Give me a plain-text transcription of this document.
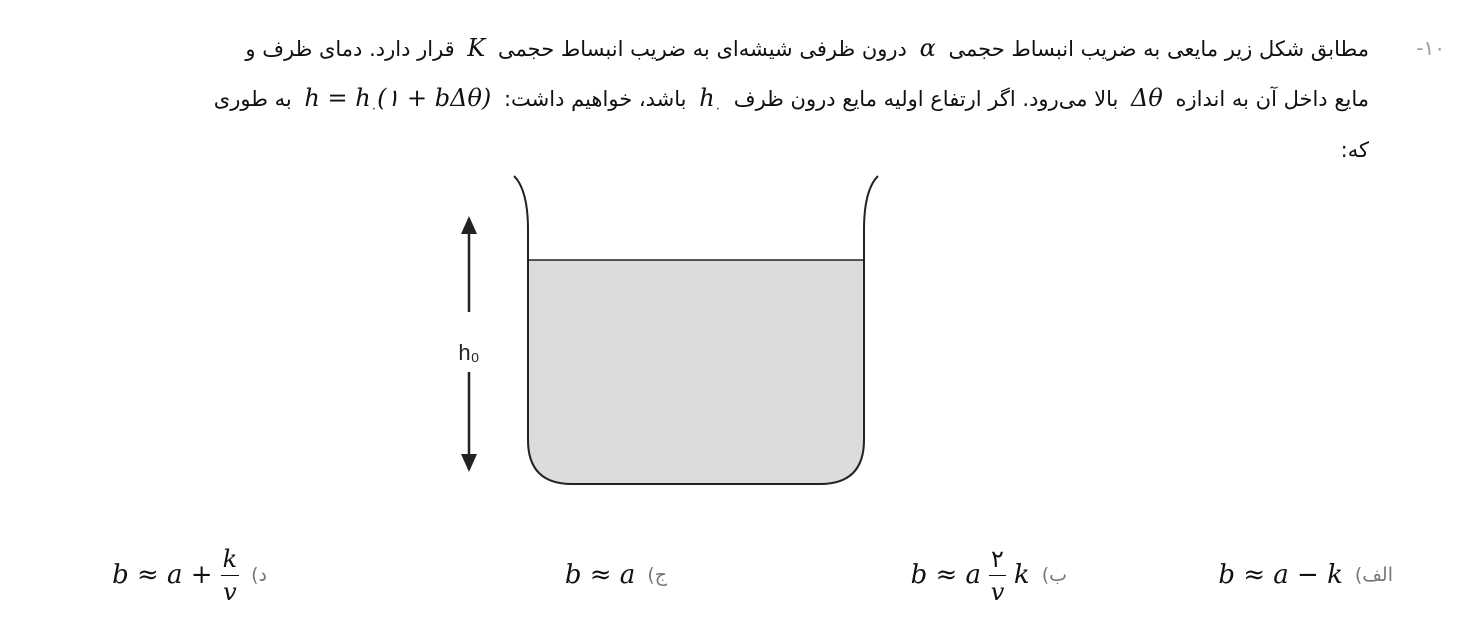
-۱۰
مطابق شکل زیر مایعی به ضریب انبساط حجمی α درون ظرفی شیشه‌ای به ضریب انبساط حجمی K قرار دارد. دمای ظرف و
مایع داخل آن به اندازه Δθ بالا می‌رود. اگر ارتفاع اولیه مایع درون ظرف $h_۰$ باشد، خواهیم داشت: $h = h_۰(۱ + b\Delta\theta)$ به طوری
که:
h₀
الف)
b ≈ a − k
ب)
b ≈ a $\frac{۲}{v}$ k
ج)
b ≈ a
د)
$b \approx a + \frac{k}{v}$
